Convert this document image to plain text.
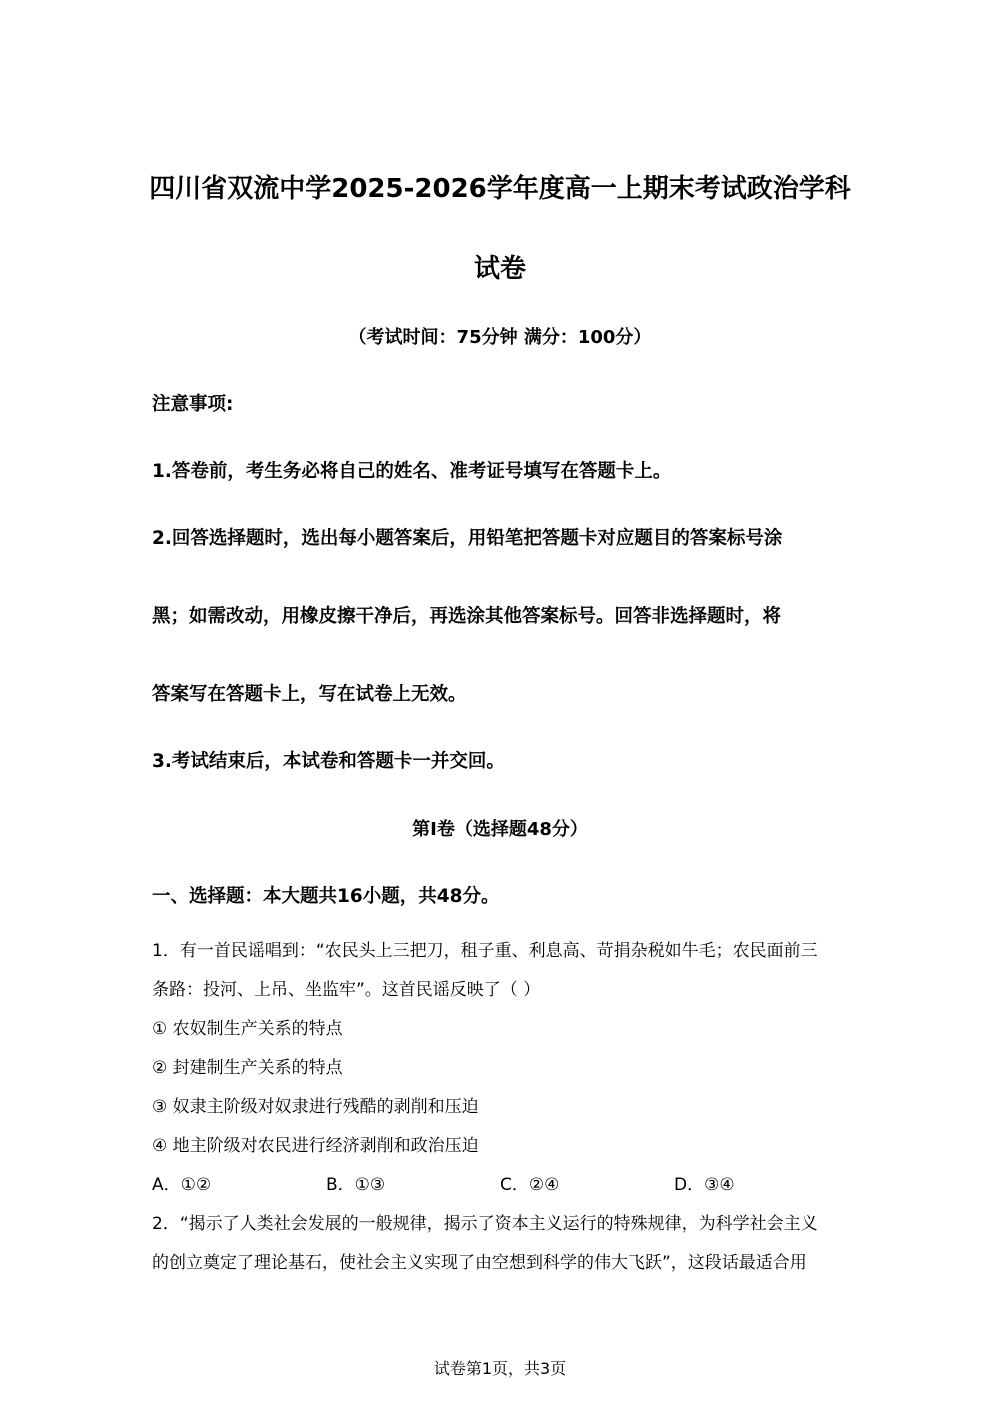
四川省双流中学2025-2026学年度高一上期末考试政治学科
试卷
（考试时间：75分钟 满分：100分）
注意事项:
1.答卷前，考生务必将自己的姓名、准考证号填写在答题卡上。
2.回答选择题时，选出每小题答案后，用铅笔把答题卡对应题目的答案标号涂
黑；如需改动，用橡皮擦干净后，再选涂其他答案标号。回答非选择题时，将
答案写在答题卡上，写在试卷上无效。
3.考试结束后，本试卷和答题卡一并交回。
第I卷（选择题48分）
一、选择题：本大题共16小题，共48分。
1．有一首民谣唱到：“农民头上三把刀，租子重、利息高、苛捐杂税如牛毛；农民面前三
条路：投河、上吊、坐监牢”。这首民谣反映了（ ）
① 农奴制生产关系的特点
② 封建制生产关系的特点
③ 奴隶主阶级对奴隶进行残酷的剥削和压迫
④ 地主阶级对农民进行经济剥削和政治压迫
A．①②	B．①③	C．②④	D．③④
2．“揭示了人类社会发展的一般规律，揭示了资本主义运行的特殊规律，为科学社会主义
的创立奠定了理论基石，使社会主义实现了由空想到科学的伟大飞跃”，这段话最适合用
试卷第1页，共3页
